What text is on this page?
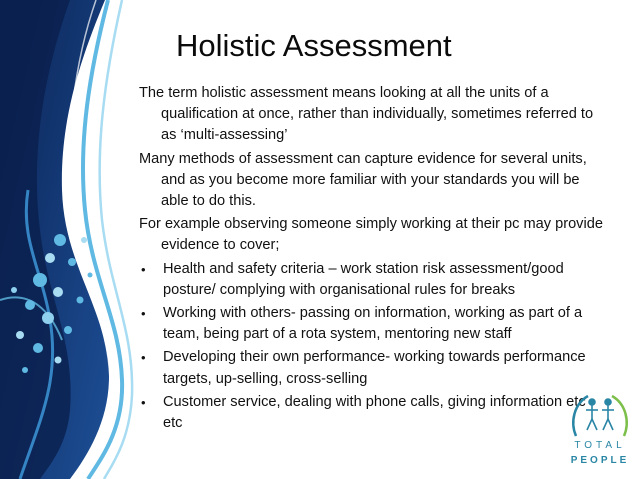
Holistic Assessment

The term holistic assessment means looking at all the units of a qualification at once, rather than individually, sometimes referred to as ‘multi-assessing’

Many methods of assessment can capture evidence for several units, and as you become more familiar with your standards you will be able to do this.

For example observing someone simply working at their pc may provide evidence to cover;

•	Health and safety criteria – work station risk assessment/good posture/ complying with organisational rules for breaks
•	Working with others- passing on information, working as part of a team, being part of a rota system, mentoring new staff
•	Developing their own performance- working towards performance targets, up-selling, cross-selling
•	Customer service, dealing with phone calls, giving information etc etc
TOTAL
PEOPLE
